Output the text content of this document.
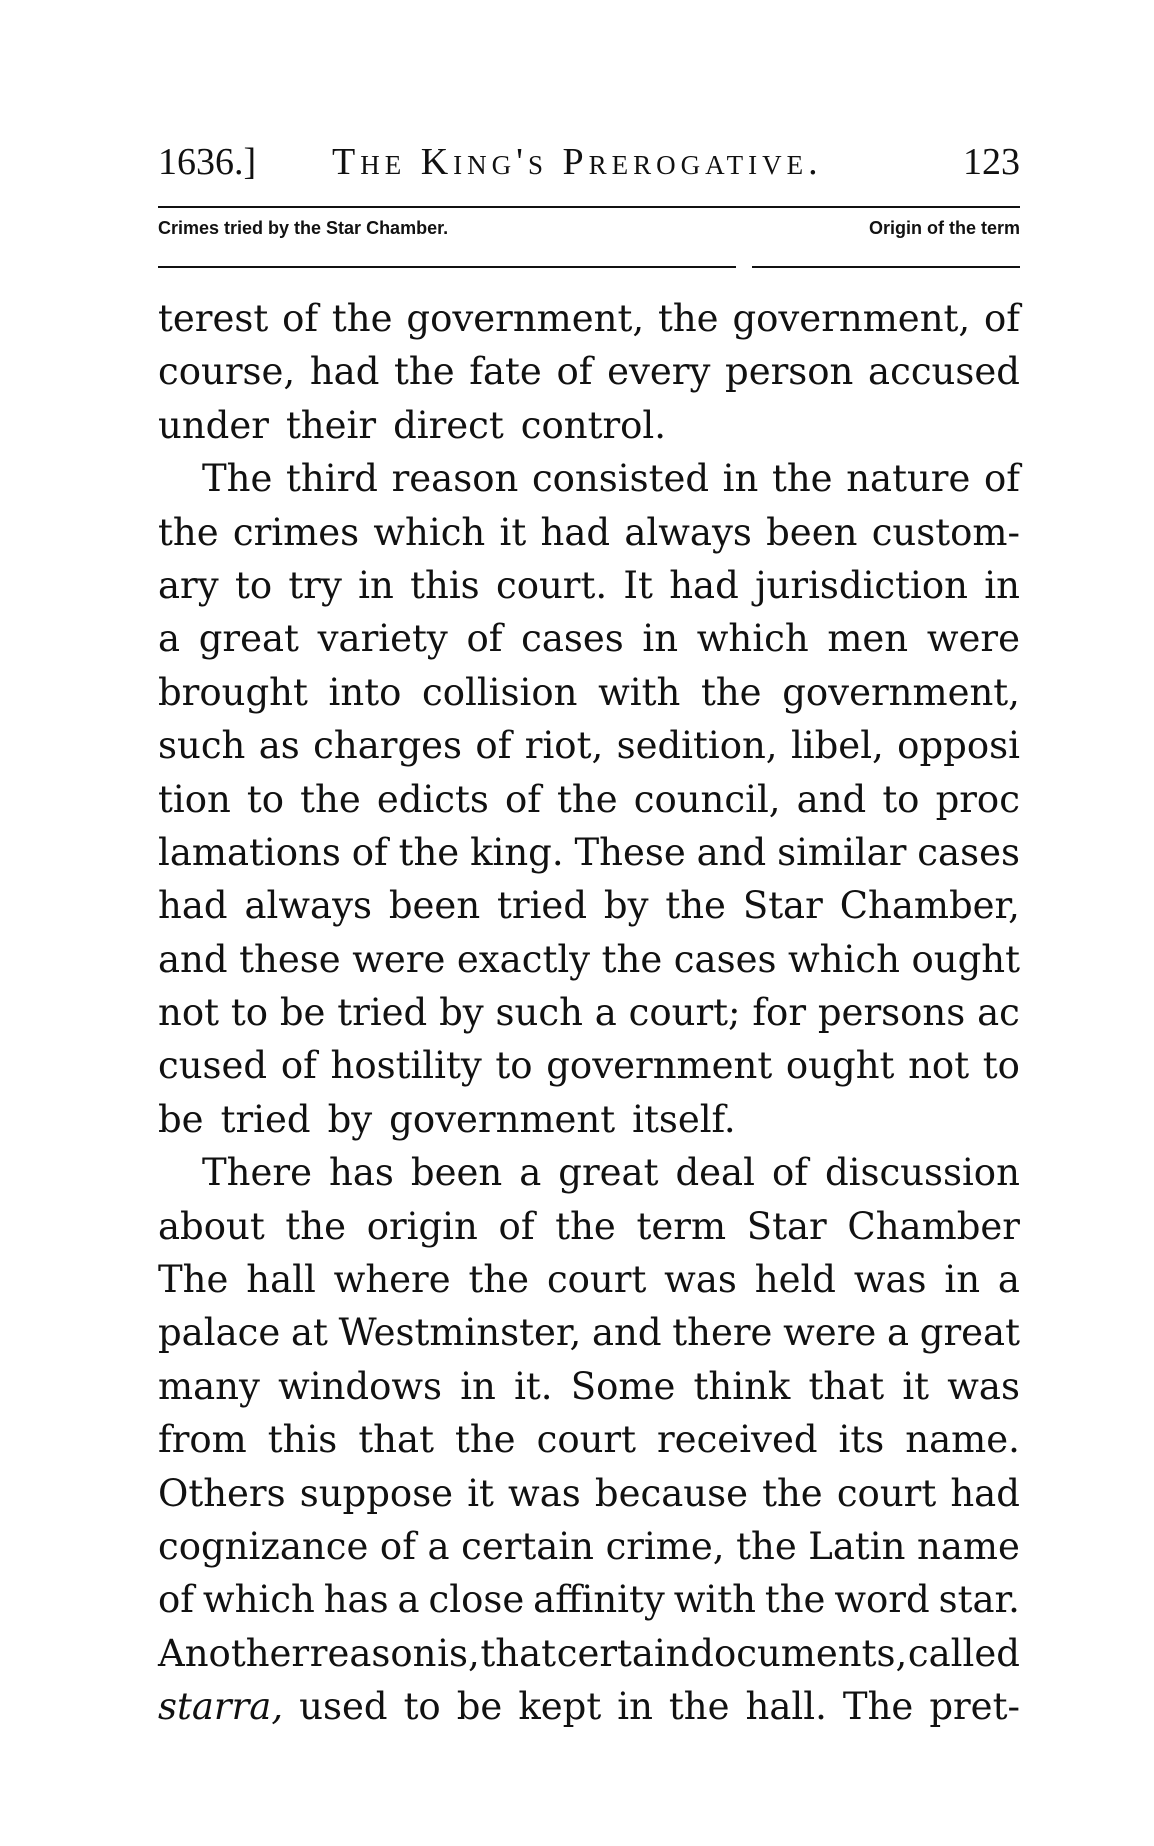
1636.] The King's Prerogative.	123
Crimes tried by the Star Chamber.	Origin of the term
terest of the government, the government, of
course, had the fate of every person accused
under their direct control.
The third reason consisted in the nature of
the crimes which it had always been custom-
ary to try in this court. It had jurisdiction in
a great variety of cases in which men were
brought into collision with the government,
such as charges of riot, sedition, libel, opposi
tion to the edicts of the council, and to proc
lamations of the king. These and similar cases
had always been tried by the Star Chamber,
and these were exactly the cases which ought
not to be tried by such a court; for persons ac
cused of hostility to government ought not to
be tried by government itself.
There has been a great deal of discussion
about the origin of the term Star Chamber
The hall where the court was held was in a
palace at Westminster, and there were a great
many windows in it. Some think that it was
from this that the court received its name.
Others suppose it was because the court had
cognizance of a certain crime, the Latin name
of which has a close affinity with the word star.
Another reason is, that certain documents, called
starra, used to be kept in the hall. The pret-
